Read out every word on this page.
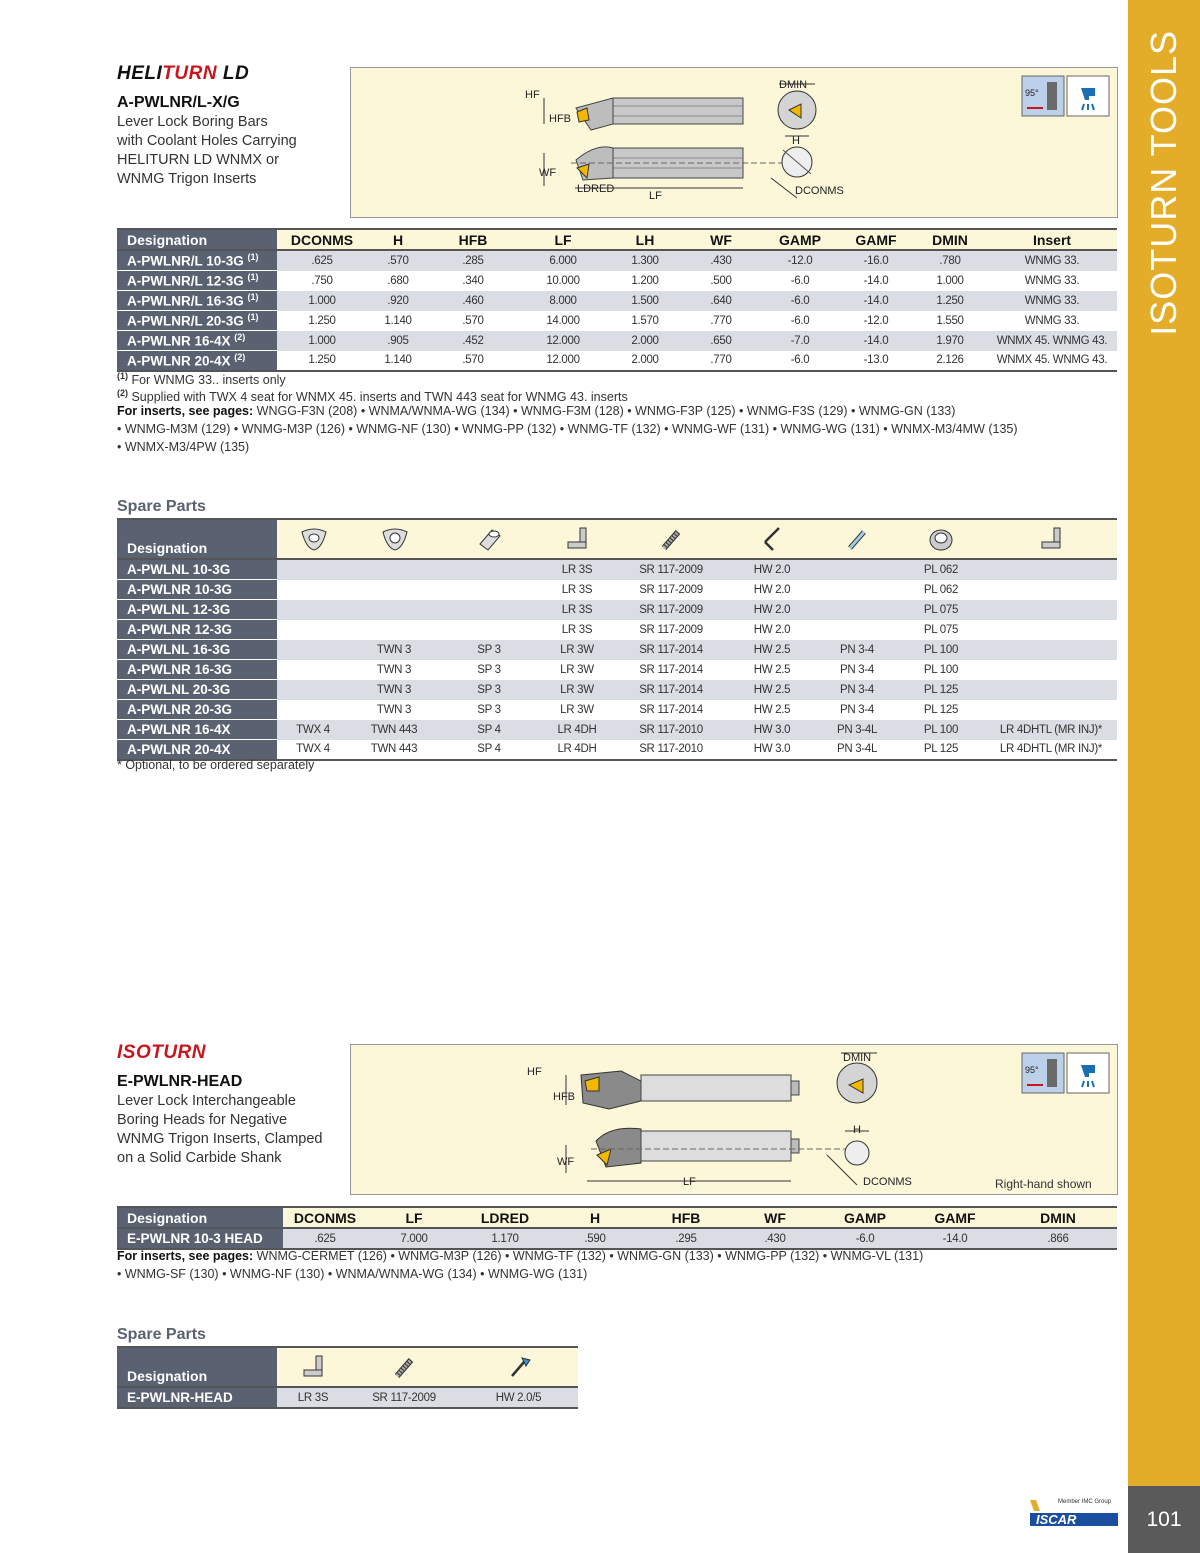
ISOTURN TOOLS
101
ISCAR
Member IMC Group
HELITURN LD
A-PWLNR/L-X/G
Lever Lock Boring Bars
with Coolant Holes Carrying
HELITURN LD WNMX or
WNMG Trigon Inserts
HF
HFB
WF
LDRED
LF
DMIN
H
DCONMS
95°
Designation	DCONMS	H	HFB	LF	LH	WF	GAMP	GAMF	DMIN	Insert
A-PWLNR/L 10-3G $^{(1)}$	.625	.570	.285	6.000	1.300	.430	-12.0	-16.0	.780	WNMG 33.
A-PWLNR/L 12-3G $^{(1)}$	.750	.680	.340	10.000	1.200	.500	-6.0	-14.0	1.000	WNMG 33.
A-PWLNR/L 16-3G $^{(1)}$	1.000	.920	.460	8.000	1.500	.640	-6.0	-14.0	1.250	WNMG 33.
A-PWLNR/L 20-3G $^{(1)}$	1.250	1.140	.570	14.000	1.570	.770	-6.0	-12.0	1.550	WNMG 33.
A-PWLNR 16-4X $^{(2)}$	1.000	.905	.452	12.000	2.000	.650	-7.0	-14.0	1.970	WNMX 45. WNMG 43.
A-PWLNR 20-4X $^{(2)}$	1.250	1.140	.570	12.000	2.000	.770	-6.0	-13.0	2.126	WNMX 45. WNMG 43.
$^{(1)}$ For WNMG 33.. inserts only
$^{(2)}$ Supplied with TWX 4 seat for WNMX 45. inserts and TWN 443 seat for WNMG 43. inserts
For inserts, see pages: WNGG-F3N (208) • WNMA/WNMA-WG (134) • WNMG-F3M (128) • WNMG-F3P (125) • WNMG-F3S (129) • WNMG-GN (133)
• WNMG-M3M (129) • WNMG-M3P (126) • WNMG-NF (130) • WNMG-PP (132) • WNMG-TF (132) • WNMG-WF (131) • WNMG-WG (131) • WNMX-M3/4MW (135)
• WNMX-M3/4PW (135)
Spare Parts
Designation	

A-PWLNL 10-3G				LR 3S	SR 117-2009	HW 2.0		PL 062	
A-PWLNR 10-3G				LR 3S	SR 117-2009	HW 2.0		PL 062	
A-PWLNL 12-3G				LR 3S	SR 117-2009	HW 2.0		PL 075	
A-PWLNR 12-3G				LR 3S	SR 117-2009	HW 2.0		PL 075	
A-PWLNL 16-3G		TWN 3	SP 3	LR 3W	SR 117-2014	HW 2.5	PN 3-4	PL 100	
A-PWLNR 16-3G		TWN 3	SP 3	LR 3W	SR 117-2014	HW 2.5	PN 3-4	PL 100	
A-PWLNL 20-3G		TWN 3	SP 3	LR 3W	SR 117-2014	HW 2.5	PN 3-4	PL 125	
A-PWLNR 20-3G		TWN 3	SP 3	LR 3W	SR 117-2014	HW 2.5	PN 3-4	PL 125	
A-PWLNR 16-4X	TWX 4	TWN 443	SP 4	LR 4DH	SR 117-2010	HW 3.0	PN 3-4L	PL 100	LR 4DHTL (MR INJ)*
A-PWLNR 20-4X	TWX 4	TWN 443	SP 4	LR 4DH	SR 117-2010	HW 3.0	PN 3-4L	PL 125	LR 4DHTL (MR INJ)*
* Optional, to be ordered separately
ISOTURN
E-PWLNR-HEAD
Lever Lock Interchangeable
Boring Heads for Negative
WNMG Trigon Inserts, Clamped
on a Solid Carbide Shank
HF
HFB
WF
LF
DMIN
H
DCONMS	Right-hand shown
95°
Designation	DCONMS	LF	LDRED	H	HFB	WF	GAMP	GAMF	DMIN
E-PWLNR 10-3 HEAD	.625	7.000	1.170	.590	.295	.430	-6.0	-14.0	.866
For inserts, see pages: WNMG-CERMET (126) • WNMG-M3P (126) • WNMG-TF (132) • WNMG-GN (133) • WNMG-PP (132) • WNMG-VL (131)
• WNMG-SF (130) • WNMG-NF (130) • WNMA/WNMA-WG (134) • WNMG-WG (131)
Spare Parts
Designation	

E-PWLNR-HEAD	LR 3S	SR 117-2009	HW 2.0/5
